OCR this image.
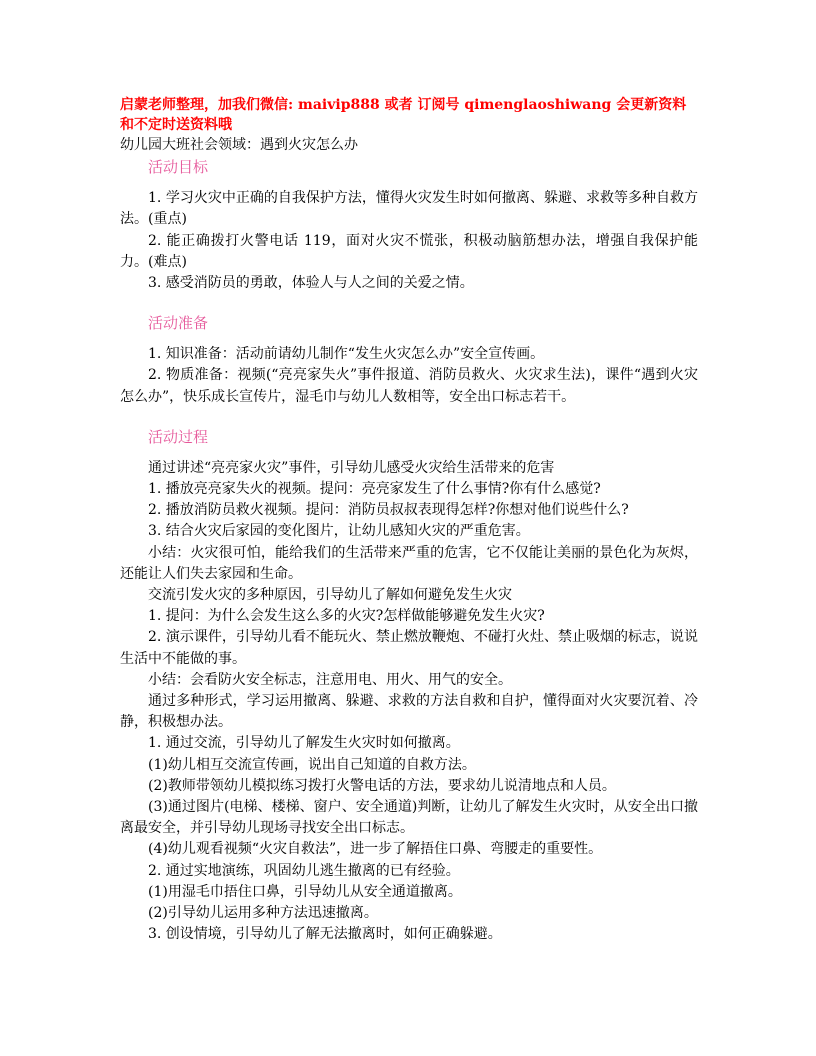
启蒙老师整理，加我们微信: maivip888 或者 订阅号 qimenglaoshiwang 会更新资料和不定时送资料哦

幼儿园大班社会领域：遇到火灾怎么办

活动目标

1. 学习火灾中正确的自我保护方法，懂得火灾发生时如何撤离、躲避、求救等多种自救方法。(重点)

2. 能正确拨打火警电话 119，面对火灾不慌张，积极动脑筋想办法，增强自我保护能力。(难点)

3. 感受消防员的勇敢，体验人与人之间的关爱之情。

活动准备

1. 知识准备：活动前请幼儿制作“发生火灾怎么办”安全宣传画。

2. 物质准备：视频(“亮亮家失火”事件报道、消防员救火、火灾求生法)，课件“遇到火灾怎么办”，快乐成长宣传片，湿毛巾与幼儿人数相等，安全出口标志若干。

活动过程

通过讲述“亮亮家火灾”事件，引导幼儿感受火灾给生活带来的危害

1. 播放亮亮家失火的视频。提问：亮亮家发生了什么事情?你有什么感觉?

2. 播放消防员救火视频。提问：消防员叔叔表现得怎样?你想对他们说些什么?

3. 结合火灾后家园的变化图片，让幼儿感知火灾的严重危害。

小结：火灾很可怕，能给我们的生活带来严重的危害，它不仅能让美丽的景色化为灰烬，还能让人们失去家园和生命。

交流引发火灾的多种原因，引导幼儿了解如何避免发生火灾

1. 提问：为什么会发生这么多的火灾?怎样做能够避免发生火灾?

2. 演示课件，引导幼儿看不能玩火、禁止燃放鞭炮、不碰打火灶、禁止吸烟的标志，说说生活中不能做的事。

小结：会看防火安全标志，注意用电、用火、用气的安全。

通过多种形式，学习运用撤离、躲避、求救的方法自救和自护，懂得面对火灾要沉着、冷静，积极想办法。

1. 通过交流，引导幼儿了解发生火灾时如何撤离。

(1)幼儿相互交流宣传画，说出自己知道的自救方法。

(2)教师带领幼儿模拟练习拨打火警电话的方法，要求幼儿说清地点和人员。

(3)通过图片(电梯、楼梯、窗户、安全通道)判断，让幼儿了解发生火灾时，从安全出口撤离最安全，并引导幼儿现场寻找安全出口标志。

(4)幼儿观看视频“火灾自救法”，进一步了解捂住口鼻、弯腰走的重要性。

2. 通过实地演练，巩固幼儿逃生撤离的已有经验。

(1)用湿毛巾捂住口鼻，引导幼儿从安全通道撤离。

(2)引导幼儿运用多种方法迅速撤离。

3. 创设情境，引导幼儿了解无法撤离时，如何正确躲避。
